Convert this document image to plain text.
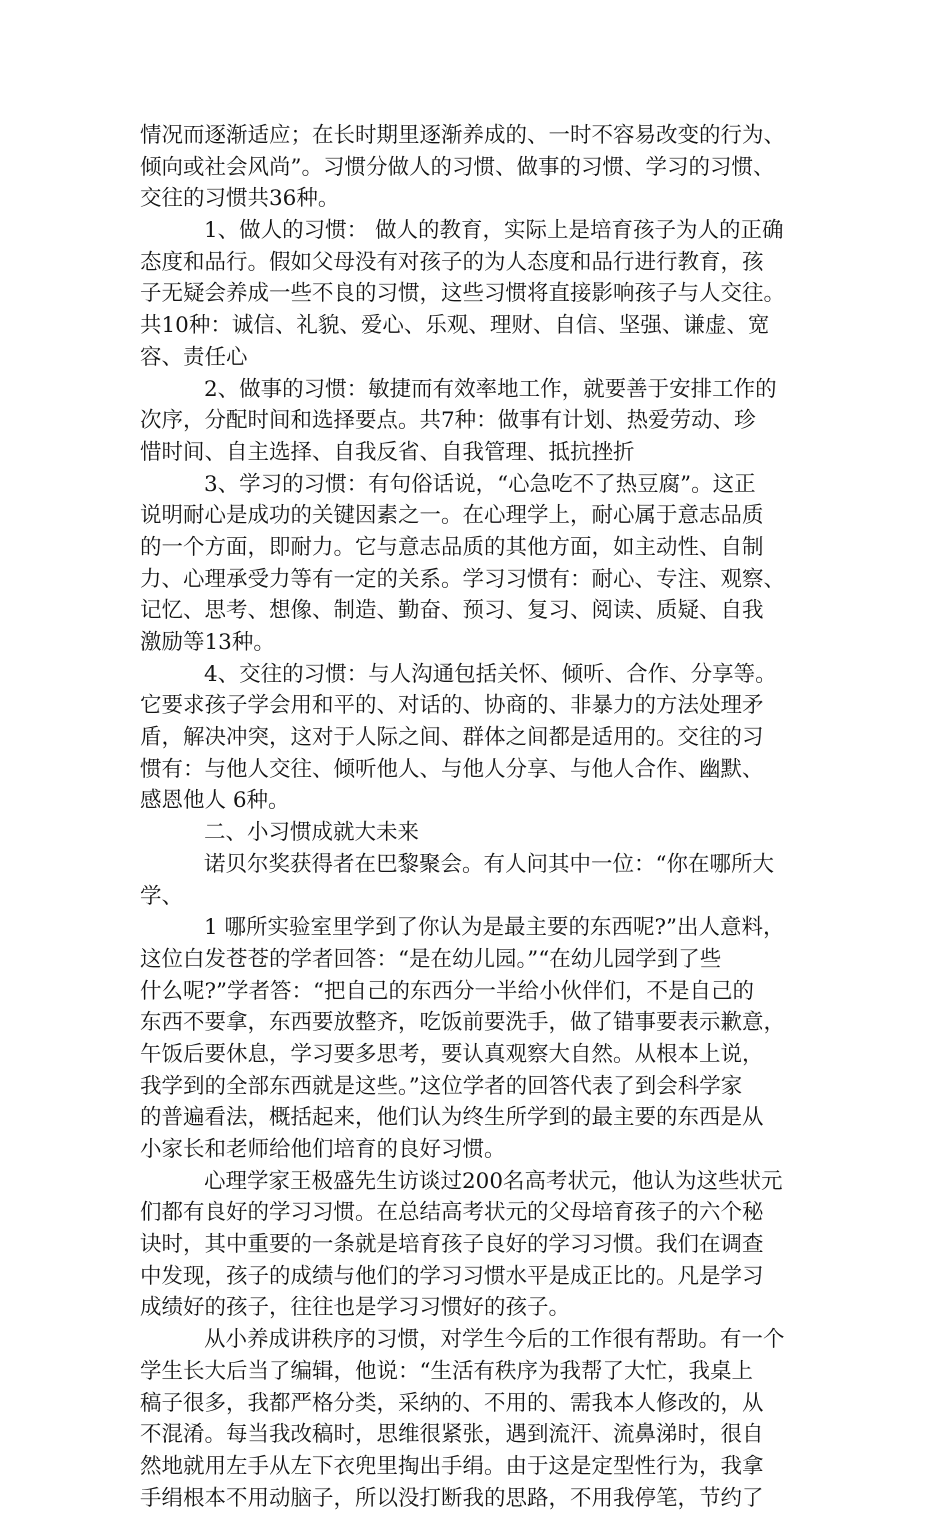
情况而逐渐适应；在长时期里逐渐养成的、一时不容易改变的行为、
倾向或社会风尚”。习惯分做人的习惯、做事的习惯、学习的习惯、
交往的习惯共36种。
1、做人的习惯： 做人的教育，实际上是培育孩子为人的正确
态度和品行。假如父母没有对孩子的为人态度和品行进行教育，孩
子无疑会养成一些不良的习惯，这些习惯将直接影响孩子与人交往。
共10种：诚信、礼貌、爱心、乐观、理财、自信、坚强、谦虚、宽
容、责任心
2、做事的习惯：敏捷而有效率地工作，就要善于安排工作的
次序，分配时间和选择要点。共7种：做事有计划、热爱劳动、珍
惜时间、自主选择、自我反省、自我管理、抵抗挫折
3、学习的习惯：有句俗话说，“心急吃不了热豆腐”。这正
说明耐心是成功的关键因素之一。在心理学上，耐心属于意志品质
的一个方面，即耐力。它与意志品质的其他方面，如主动性、自制
力、心理承受力等有一定的关系。学习习惯有：耐心、专注、观察、
记忆、思考、想像、制造、勤奋、预习、复习、阅读、质疑、自我
激励等13种。
4、交往的习惯：与人沟通包括关怀、倾听、合作、分享等。
它要求孩子学会用和平的、对话的、协商的、非暴力的方法处理矛
盾，解决冲突，这对于人际之间、群体之间都是适用的。交往的习
惯有：与他人交往、倾听他人、与他人分享、与他人合作、幽默、
感恩他人 6种。
二、小习惯成就大未来
诺贝尔奖获得者在巴黎聚会。有人问其中一位：“你在哪所大
学、
1 哪所实验室里学到了你认为是最主要的东西呢?”出人意料，
这位白发苍苍的学者回答：“是在幼儿园。”“在幼儿园学到了些
什么呢?”学者答：“把自己的东西分一半给小伙伴们，不是自己的
东西不要拿，东西要放整齐，吃饭前要洗手，做了错事要表示歉意，
午饭后要休息，学习要多思考，要认真观察大自然。从根本上说，
我学到的全部东西就是这些。”这位学者的回答代表了到会科学家
的普遍看法，概括起来，他们认为终生所学到的最主要的东西是从
小家长和老师给他们培育的良好习惯。
心理学家王极盛先生访谈过200名高考状元，他认为这些状元
们都有良好的学习习惯。在总结高考状元的父母培育孩子的六个秘
诀时，其中重要的一条就是培育孩子良好的学习习惯。我们在调查
中发现，孩子的成绩与他们的学习习惯水平是成正比的。凡是学习
成绩好的孩子，往往也是学习习惯好的孩子。
从小养成讲秩序的习惯，对学生今后的工作很有帮助。有一个
学生长大后当了编辑，他说：“生活有秩序为我帮了大忙，我桌上
稿子很多，我都严格分类，采纳的、不用的、需我本人修改的，从
不混淆。每当我改稿时，思维很紧张，遇到流汗、流鼻涕时，很自
然地就用左手从左下衣兜里掏出手绢。由于这是定型性行为，我拿
手绢根本不用动脑子，所以没打断我的思路，不用我停笔，节约了
